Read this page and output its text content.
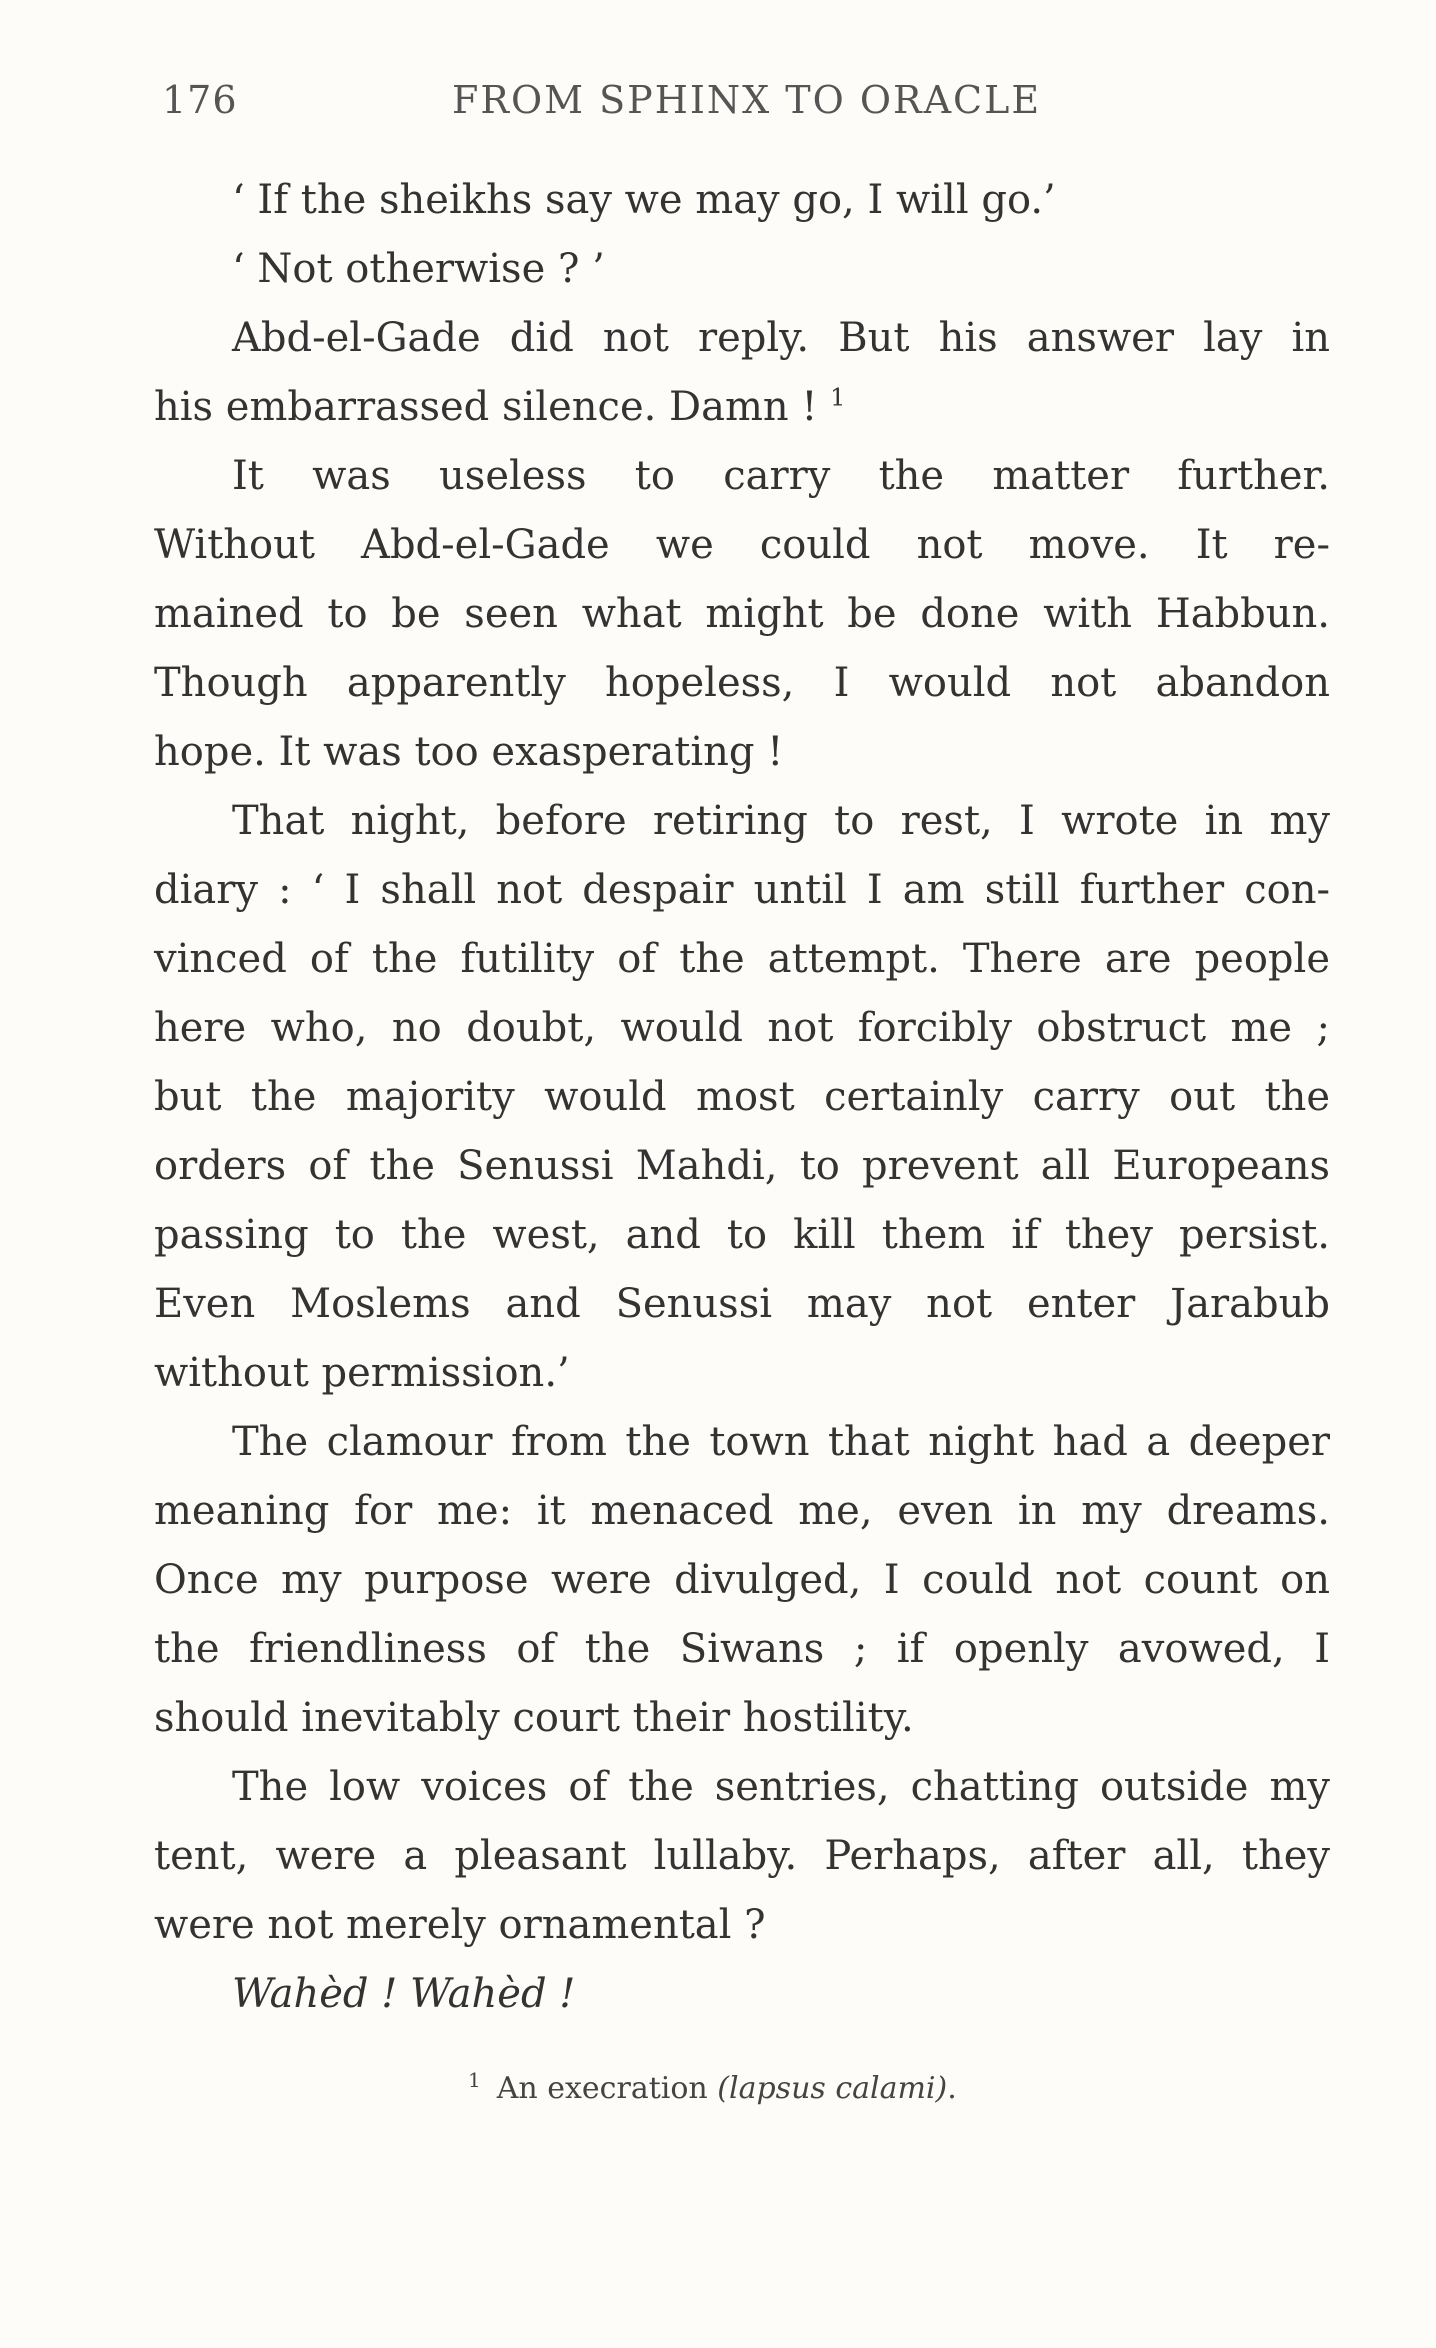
176	FROM SPHINX TO ORACLE
‘ If the sheikhs say we may go, I will go.’
‘ Not otherwise ? ’
Abd-el-Gade did not reply. But his answer lay in
his embarrassed silence. Damn ! $^1$
It was useless to carry the matter further.
Without Abd-el-Gade we could not move. It re-
mained to be seen what might be done with Habbun.
Though apparently hopeless, I would not abandon
hope. It was too exasperating !
That night, before retiring to rest, I wrote in my
diary : ‘ I shall not despair until I am still further con-
vinced of the futility of the attempt. There are people
here who, no doubt, would not forcibly obstruct me ;
but the majority would most certainly carry out the
orders of the Senussi Mahdi, to prevent all Europeans
passing to the west, and to kill them if they persist.
Even Moslems and Senussi may not enter Jarabub
without permission.’
The clamour from the town that night had a deeper
meaning for me: it menaced me, even in my dreams.
Once my purpose were divulged, I could not count on
the friendliness of the Siwans ; if openly avowed, I
should inevitably court their hostility.
The low voices of the sentries, chatting outside my
tent, were a pleasant lullaby. Perhaps, after all, they
were not merely ornamental ?
Wahèd ! Wahèd !
$^1$ An execration (lapsus calami).
